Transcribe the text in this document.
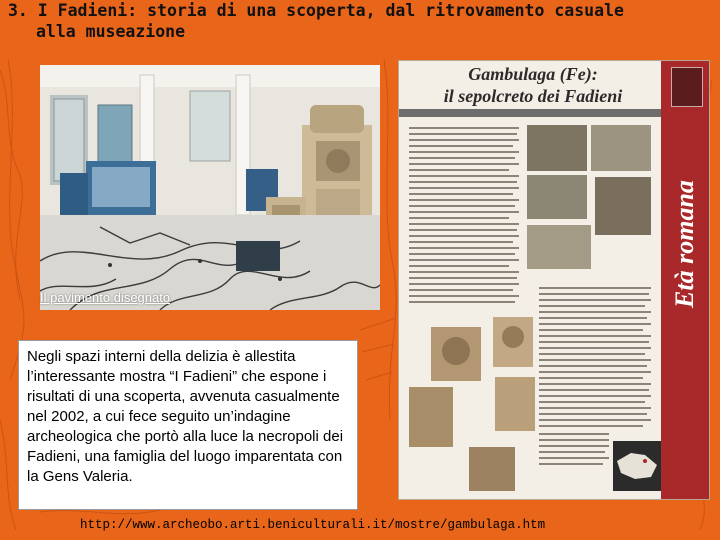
3. I Fadieni: storia di una scoperta, dal ritrovamento casuale
alla museazione
Il pavimento disegnato

Negli spazi interni della delizia è allestita l’interessante mostra “I Fadieni” che espone i risultati di una scoperta, avvenuta casualmente nel 2002, a cui fece seguito un’indagine archeologica che portò alla luce la necropoli dei Fadieni, una famiglia del luogo imparentata con la Gens Valeria.

Gambulaga (Fe):
il sepolcreto dei Fadieni
Età romana
http://www.archeobo.arti.beniculturali.it/mostre/gambulaga.htm
